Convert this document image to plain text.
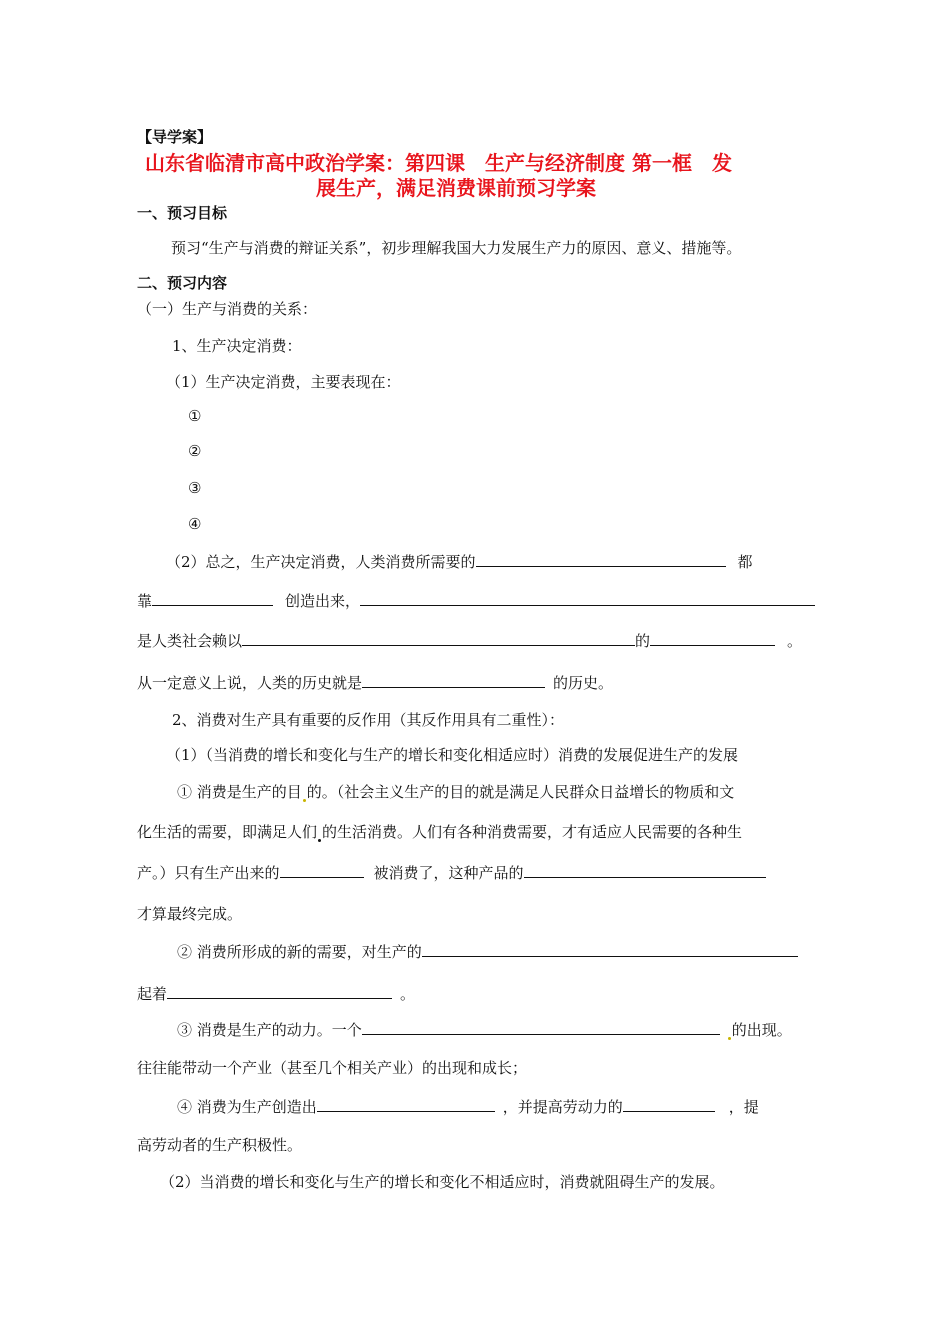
【导学案】
山东省临清市高中政治学案：第四课　生产与经济制度 第一框　发
展生产，满足消费课前预习学案
一、预习目标
预习“生产与消费的辩证关系”，初步理解我国大力发展生产力的原因、意义、措施等。
二、预习内容
（一）生产与消费的关系：
1、生产决定消费：
（1）生产决定消费，主要表现在：
①
②
③
④
（2）总之，生产决定消费，人类消费所需要的	都
靠	创造出来，
是人类社会赖以	的	。
从一定意义上说，人类的历史就是	的历史。
2、消费对生产具有重要的反作用（其反作用具有二重性）：
（1）（当消费的增长和变化与生产的增长和变化相适应时）消费的发展促进生产的发展
① 消费是生产的目 的。（社会主义生产的目的就是满足人民群众日益增长的物质和文
化生活的需要，即满足人们 的生活消费。人们有各种消费需要，才有适应人民需要的各种生
产。）只有生产出来的	被消费了，这种产品的
才算最终完成。
② 消费所形成的新的需要，对生产的
起着	。
③ 消费是生产的动力。一个	的出现。
往往能带动一个产业（甚至几个相关产业）的出现和成长；
④ 消费为生产创造出	，并提高劳动力的	，提
高劳动者的生产积极性。
（2）当消费的增长和变化与生产的增长和变化不相适应时，消费就阻碍生产的发展。
